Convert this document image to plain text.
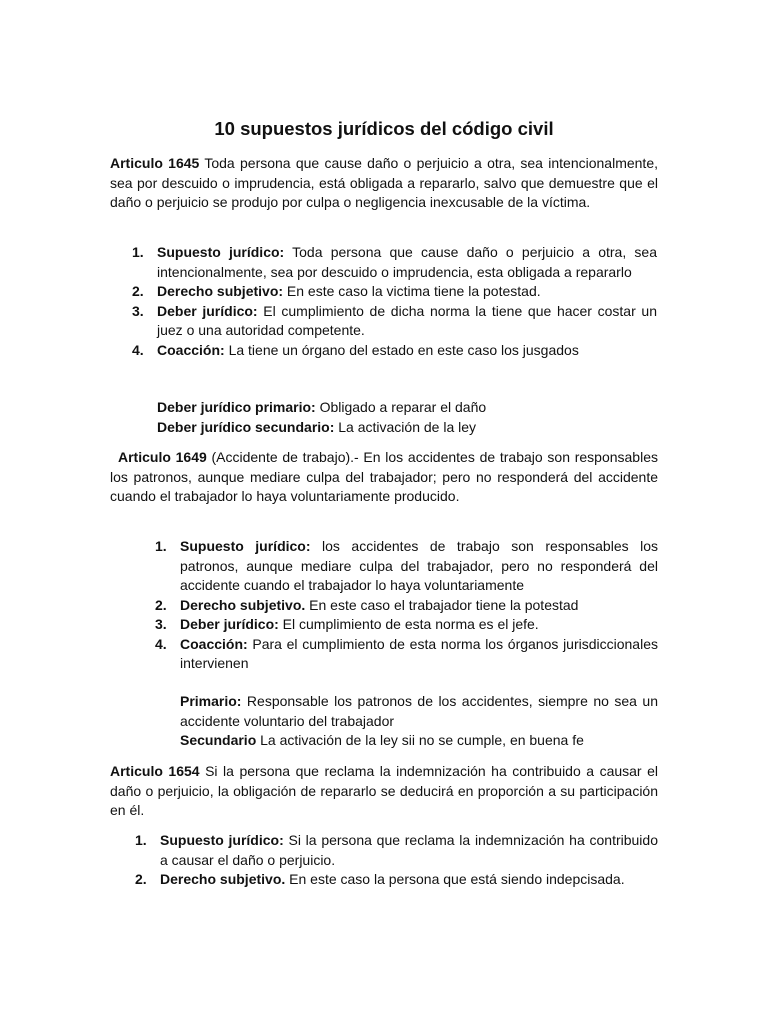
10 supuestos jurídicos del código civil

Articulo 1645 Toda persona que cause daño o perjuicio a otra, sea intencionalmente, sea por descuido o imprudencia, está obligada a repararlo, salvo que demuestre que el daño o perjuicio se produjo por culpa o negligencia inexcusable de la víctima.

1. Supuesto jurídico: Toda persona que cause daño o perjuicio a otra, sea intencionalmente, sea por descuido o imprudencia, esta obligada a repararlo

2. Derecho subjetivo: En este caso la victima tiene la potestad.

3. Deber jurídico: El cumplimiento de dicha norma la tiene que hacer costar un juez o una autoridad competente.

4. Coacción: La tiene un órgano del estado en este caso los jusgados

Deber jurídico primario: Obligado a reparar el daño

Deber jurídico secundario: La activación de la ley

Articulo 1649 (Accidente de trabajo).- En los accidentes de trabajo son responsables los patronos, aunque mediare culpa del trabajador; pero no responderá del accidente cuando el trabajador lo haya voluntariamente producido.

1. Supuesto jurídico: los accidentes de trabajo son responsables los patronos, aunque mediare culpa del trabajador, pero no responderá del accidente cuando el trabajador lo haya voluntariamente

2. Derecho subjetivo. En este caso el trabajador tiene la potestad

3. Deber jurídico: El cumplimiento de esta norma es el jefe.

4. Coacción: Para el cumplimiento de esta norma los órganos jurisdiccionales intervienen

Primario: Responsable los patronos de los accidentes, siempre no sea un accidente voluntario del trabajador

Secundario La activación de la ley sii no se cumple, en buena fe

Articulo 1654 Si la persona que reclama la indemnización ha contribuido a causar el daño o perjuicio, la obligación de repararlo se deducirá en proporción a su participación en él.

1. Supuesto jurídico: Si la persona que reclama la indemnización ha contribuido a causar el daño o perjuicio.

2. Derecho subjetivo. En este caso la persona que está siendo indepcisada.
